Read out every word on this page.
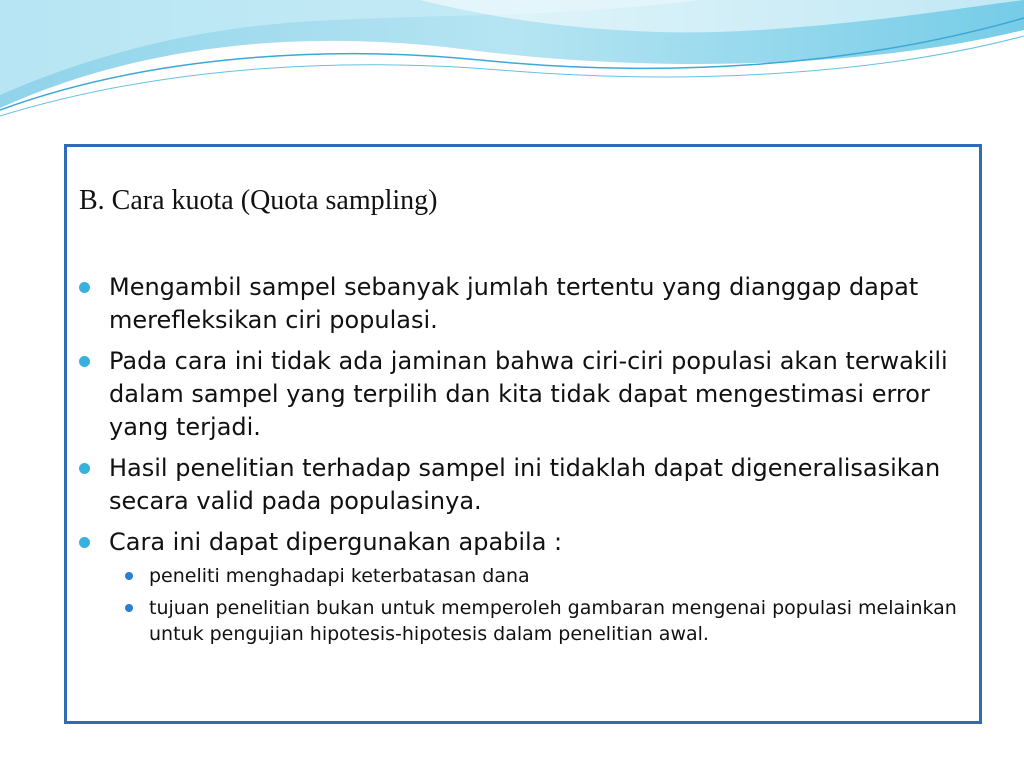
B. Cara kuota (Quota sampling)
Mengambil sampel sebanyak jumlah tertentu yang dianggap dapat merefleksikan ciri populasi.
Pada cara ini tidak ada jaminan bahwa ciri-ciri populasi akan terwakili dalam sampel yang terpilih dan kita tidak dapat mengestimasi error yang terjadi.
Hasil penelitian terhadap sampel ini tidaklah dapat digeneralisasikan secara valid pada populasinya.
Cara ini dapat dipergunakan apabila :
peneliti menghadapi keterbatasan dana
tujuan penelitian bukan untuk memperoleh gambaran mengenai populasi melainkan untuk pengujian hipotesis-hipotesis dalam penelitian awal.
